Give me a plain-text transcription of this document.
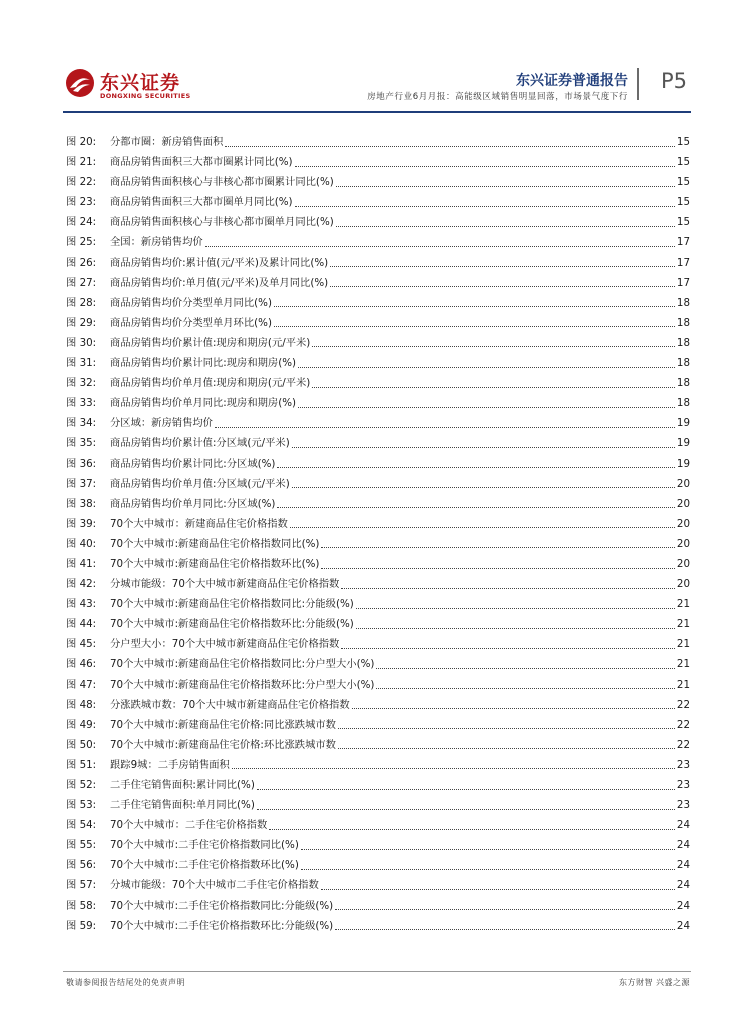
东兴证券
DONGXING SECURITIES
东兴证券普通报告
房地产行业6月月报：高能级区域销售明显回落，市场景气度下行
P5
图 20:	分都市圈：新房销售面积	15
图 21:	商品房销售面积三大都市圈累计同比(%)	15
图 22:	商品房销售面积核心与非核心都市圈累计同比(%)	15
图 23:	商品房销售面积三大都市圈单月同比(%)	15
图 24:	商品房销售面积核心与非核心都市圈单月同比(%)	15
图 25:	全国：新房销售均价	17
图 26:	商品房销售均价:累计值(元/平米)及累计同比(%)	17
图 27:	商品房销售均价:单月值(元/平米)及单月同比(%)	17
图 28:	商品房销售均价分类型单月同比(%)	18
图 29:	商品房销售均价分类型单月环比(%)	18
图 30:	商品房销售均价累计值:现房和期房(元/平米)	18
图 31:	商品房销售均价累计同比:现房和期房(%)	18
图 32:	商品房销售均价单月值:现房和期房(元/平米)	18
图 33:	商品房销售均价单月同比:现房和期房(%)	18
图 34:	分区域：新房销售均价	19
图 35:	商品房销售均价累计值:分区域(元/平米)	19
图 36:	商品房销售均价累计同比:分区域(%)	19
图 37:	商品房销售均价单月值:分区域(元/平米)	20
图 38:	商品房销售均价单月同比:分区域(%)	20
图 39:	70个大中城市：新建商品住宅价格指数	20
图 40:	70个大中城市:新建商品住宅价格指数同比(%)	20
图 41:	70个大中城市:新建商品住宅价格指数环比(%)	20
图 42:	分城市能级：70个大中城市新建商品住宅价格指数	20
图 43:	70个大中城市:新建商品住宅价格指数同比:分能级(%)	21
图 44:	70个大中城市:新建商品住宅价格指数环比:分能级(%)	21
图 45:	分户型大小：70个大中城市新建商品住宅价格指数	21
图 46:	70个大中城市:新建商品住宅价格指数同比:分户型大小(%)	21
图 47:	70个大中城市:新建商品住宅价格指数环比:分户型大小(%)	21
图 48:	分涨跌城市数：70个大中城市新建商品住宅价格指数	22
图 49:	70个大中城市:新建商品住宅价格:同比涨跌城市数	22
图 50:	70个大中城市:新建商品住宅价格:环比涨跌城市数	22
图 51:	跟踪9城：二手房销售面积	23
图 52:	二手住宅销售面积:累计同比(%)	23
图 53:	二手住宅销售面积:单月同比(%)	23
图 54:	70个大中城市：二手住宅价格指数	24
图 55:	70个大中城市:二手住宅价格指数同比(%)	24
图 56:	70个大中城市:二手住宅价格指数环比(%)	24
图 57:	分城市能级：70个大中城市二手住宅价格指数	24
图 58:	70个大中城市:二手住宅价格指数同比:分能级(%)	24
图 59:	70个大中城市:二手住宅价格指数环比:分能级(%)	24
敬请参阅报告结尾处的免责声明	东方财智 兴盛之源
